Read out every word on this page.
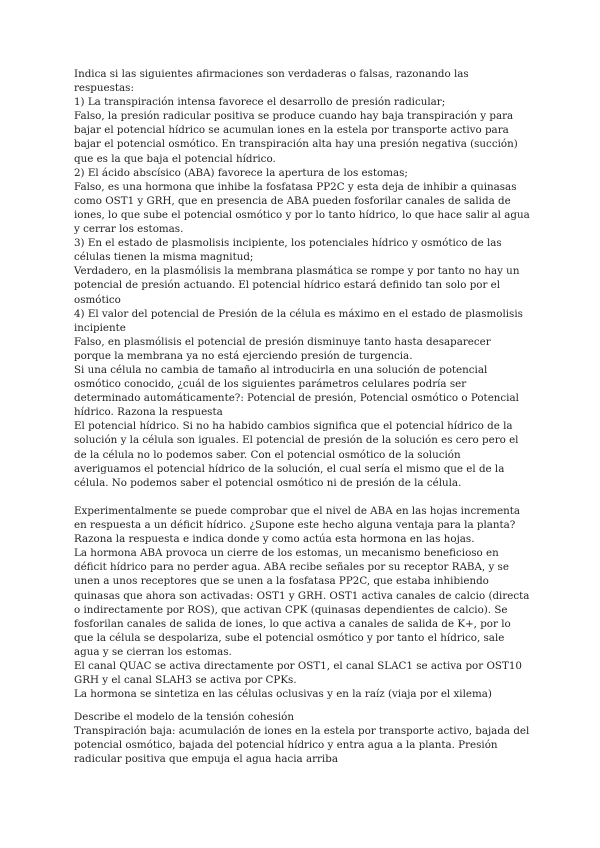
Indica si las siguientes afirmaciones son verdaderas o falsas, razonando las respuestas:

1) La transpiración intensa favorece el desarrollo de presión radicular;

Falso, la presión radicular positiva se produce cuando hay baja transpiración y para bajar el potencial hídrico se acumulan iones en la estela por transporte activo para bajar el potencial osmótico. En transpiración alta hay una presión negativa (succión) que es la que baja el potencial hídrico.

2) El ácido abscísico (ABA) favorece la apertura de los estomas;

Falso, es una hormona que inhibe la fosfatasa PP2C y esta deja de inhibir a quinasas como OST1 y GRH, que en presencia de ABA pueden fosforilar canales de salida de iones, lo que sube el potencial osmótico y por lo tanto hídrico, lo que hace salir al agua y cerrar los estomas.

3) En el estado de plasmolisis incipiente, los potenciales hídrico y osmótico de las células tienen la misma magnitud;

Verdadero, en la plasmólisis la membrana plasmática se rompe y por tanto no hay un potencial de presión actuando. El potencial hídrico estará definido tan solo por el osmótico

4) El valor del potencial de Presión de la célula es máximo en el estado de plasmolisis incipiente

Falso, en plasmólisis el potencial de presión disminuye tanto hasta desaparecer porque la membrana ya no está ejerciendo presión de turgencia.

Si una célula no cambia de tamaño al introducirla en una solución de potencial osmótico conocido, ¿cuál de los siguientes parámetros celulares podría ser determinado automáticamente?: Potencial de presión, Potencial osmótico o Potencial hídrico. Razona la respuesta

El potencial hídrico. Si no ha habido cambios significa que el potencial hídrico de la solución y la célula son iguales. El potencial de presión de la solución es cero pero el de la célula no lo podemos saber. Con el potencial osmótico de la solución averiguamos el potencial hídrico de la solución, el cual sería el mismo que el de la célula. No podemos saber el potencial osmótico ni de presión de la célula.

Experimentalmente se puede comprobar que el nivel de ABA en las hojas incrementa en respuesta a un déficit hídrico. ¿Supone este hecho alguna ventaja para la planta? Razona la respuesta e indica donde y como actúa esta hormona en las hojas.

La hormona ABA provoca un cierre de los estomas, un mecanismo beneficioso en déficit hídrico para no perder agua. ABA recibe señales por su receptor RABA, y se unen a unos receptores que se unen a la fosfatasa PP2C, que estaba inhibiendo quinasas que ahora son activadas: OST1 y GRH. OST1 activa canales de calcio (directa o indirectamente por ROS), que activan CPK (quinasas dependientes de calcio). Se fosforilan canales de salida de iones, lo que activa a canales de salida de K+, por lo que la célula se despolariza, sube el potencial osmótico y por tanto el hídrico, sale agua y se cierran los estomas.

El canal QUAC se activa directamente por OST1, el canal SLAC1 se activa por OST10 GRH y el canal SLAH3 se activa por CPKs.

La hormona se sintetiza en las células oclusivas y en la raíz (viaja por el xilema)

Describe el modelo de la tensión cohesión

Transpiración baja: acumulación de iones en la estela por transporte activo, bajada del potencial osmótico, bajada del potencial hídrico y entra agua a la planta. Presión radicular positiva que empuja el agua hacia arriba
